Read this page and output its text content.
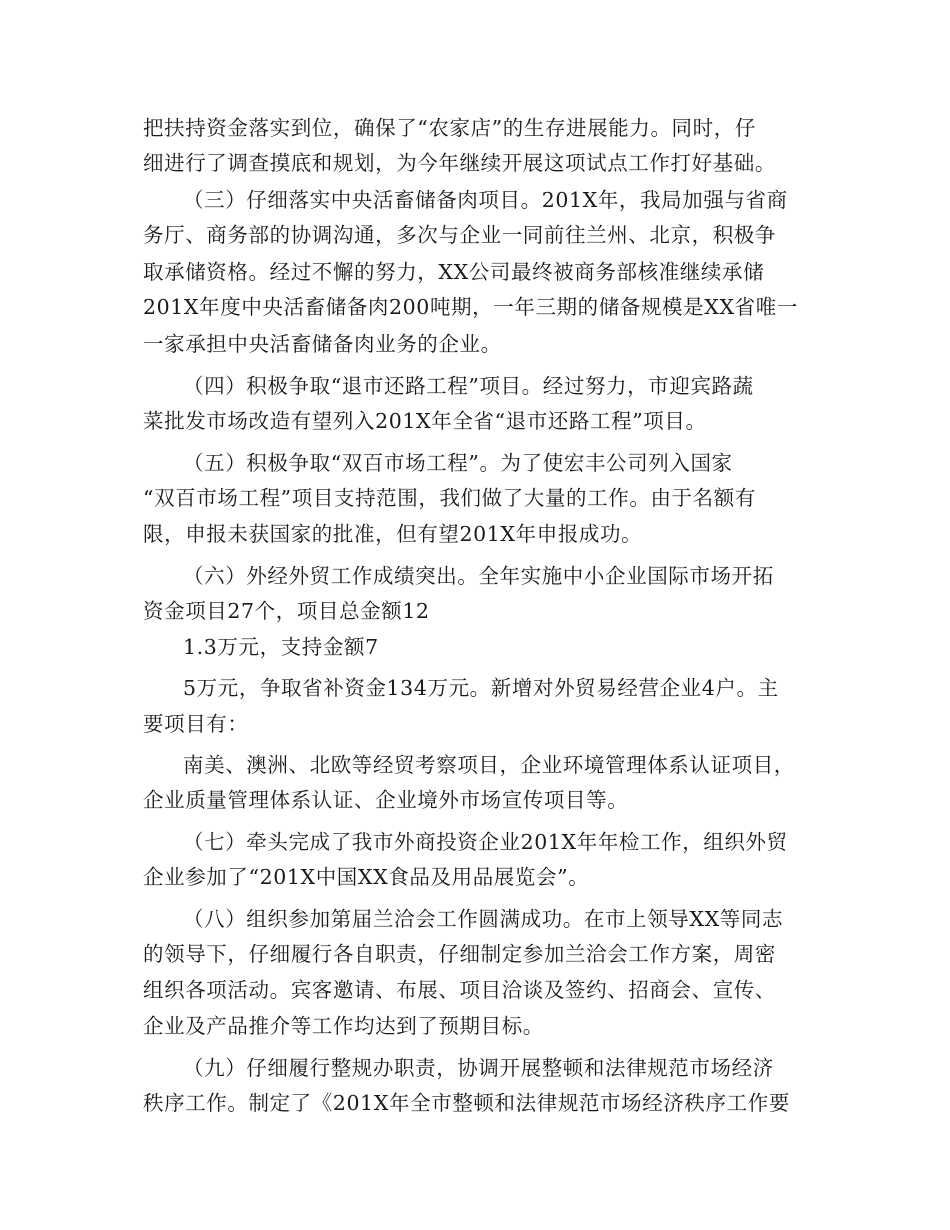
把扶持资金落实到位，确保了“农家店”的生存进展能力。同时，仔
细进行了调查摸底和规划，为今年继续开展这项试点工作打好基础。
（三）仔细落实中央活畜储备肉项目。201X年，我局加强与省商
务厅、商务部的协调沟通，多次与企业一同前往兰州、北京，积极争
取承储资格。经过不懈的努力，XX公司最终被商务部核准继续承储
201X年度中央活畜储备肉200吨期，一年三期的储备规模是XX省唯一
一家承担中央活畜储备肉业务的企业。
（四）积极争取“退市还路工程”项目。经过努力，市迎宾路蔬
菜批发市场改造有望列入201X年全省“退市还路工程”项目。
（五）积极争取“双百市场工程”。为了使宏丰公司列入国家
“双百市场工程”项目支持范围，我们做了大量的工作。由于名额有
限，申报未获国家的批准，但有望201X年申报成功。
（六）外经外贸工作成绩突出。全年实施中小企业国际市场开拓
资金项目27个，项目总金额12
1.3万元，支持金额7
5万元，争取省补资金134万元。新增对外贸易经营企业4户。主
要项目有：
南美、澳洲、北欧等经贸考察项目，企业环境管理体系认证项目，
企业质量管理体系认证、企业境外市场宣传项目等。
（七）牵头完成了我市外商投资企业201X年年检工作，组织外贸
企业参加了“201X中国XX食品及用品展览会”。
（八）组织参加第届兰洽会工作圆满成功。在市上领导XX等同志
的领导下，仔细履行各自职责，仔细制定参加兰洽会工作方案，周密
组织各项活动。宾客邀请、布展、项目洽谈及签约、招商会、宣传、
企业及产品推介等工作均达到了预期目标。
（九）仔细履行整规办职责，协调开展整顿和法律规范市场经济
秩序工作。制定了《201X年全市整顿和法律规范市场经济秩序工作要
